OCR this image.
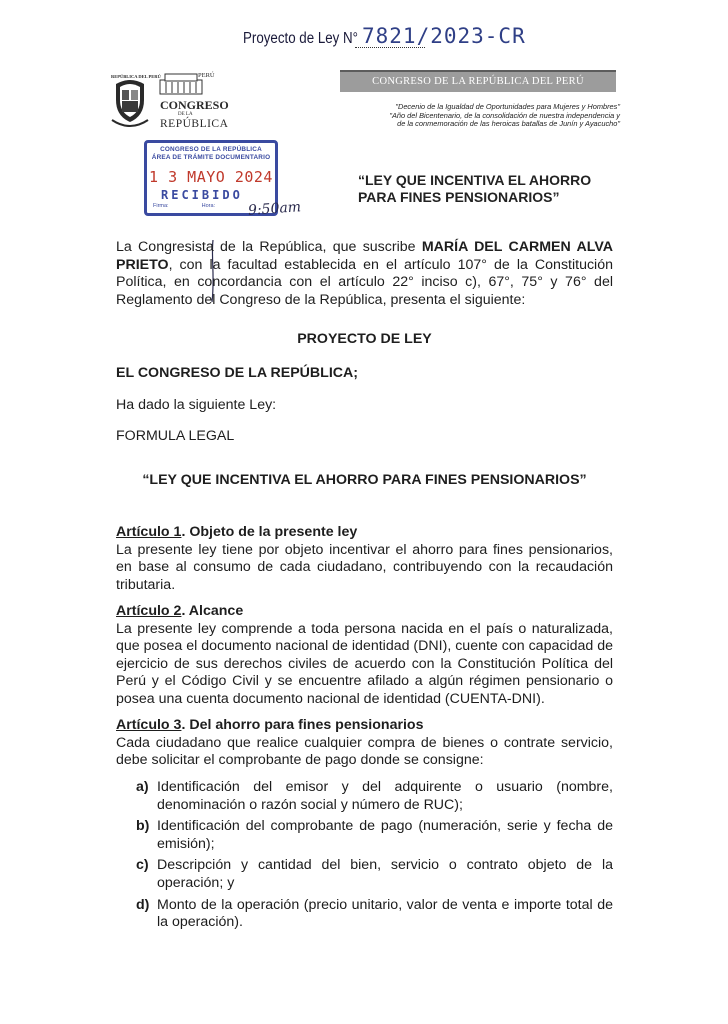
Proyecto de Ley N° 7821/2023-CR
REPÚBLICA DEL PERÚ	PERÚ
CONGRESO
DE LA
REPÚBLICA
CONGRESO DE LA REPÚBLICA DEL PERÚ
"Decenio de la Igualdad de Oportunidades para Mujeres y Hombres"
"Año del Bicentenario, de la consolidación de nuestra independencia y
de la conmemoración de las heroicas batallas de Junín y Ayacucho"
CONGRESO DE LA REPÚBLICA
ÁREA DE TRÁMITE DOCUMENTARIO
1 3 MAYO 2024
RECIBIDO
Firma:	Hora:	9:50am
“LEY QUE INCENTIVA EL AHORRO PARA FINES PENSIONARIOS”
La Congresista de la República, que suscribe MARÍA DEL CARMEN ALVA PRIETO, con la facultad establecida en el artículo 107° de la Constitución Política, en concordancia con el artículo 22° inciso c), 67°, 75° y 76° del Reglamento del Congreso de la República, presenta el siguiente:
PROYECTO DE LEY
EL CONGRESO DE LA REPÚBLICA;
Ha dado la siguiente Ley:
FORMULA LEGAL
“LEY QUE INCENTIVA EL AHORRO PARA FINES PENSIONARIOS”
Artículo 1. Objeto de la presente ley
La presente ley tiene por objeto incentivar el ahorro para fines pensionarios, en base al consumo de cada ciudadano, contribuyendo con la recaudación tributaria.
Artículo 2. Alcance
La presente ley comprende a toda persona nacida en el país o naturalizada, que posea el documento nacional de identidad (DNI), cuente con capacidad de ejercicio de sus derechos civiles de acuerdo con la Constitución Política del Perú y el Código Civil y se encuentre afilado a algún régimen pensionario o posea una cuenta documento nacional de identidad (CUENTA-DNI).
Artículo 3. Del ahorro para fines pensionarios
Cada ciudadano que realice cualquier compra de bienes o contrate servicio, debe solicitar el comprobante de pago donde se consigne:
a) Identificación del emisor y del adquirente o usuario (nombre, denominación o razón social y número de RUC);
b) Identificación del comprobante de pago (numeración, serie y fecha de emisión);
c) Descripción y cantidad del bien, servicio o contrato objeto de la operación; y
d) Monto de la operación (precio unitario, valor de venta e importe total de la operación).
